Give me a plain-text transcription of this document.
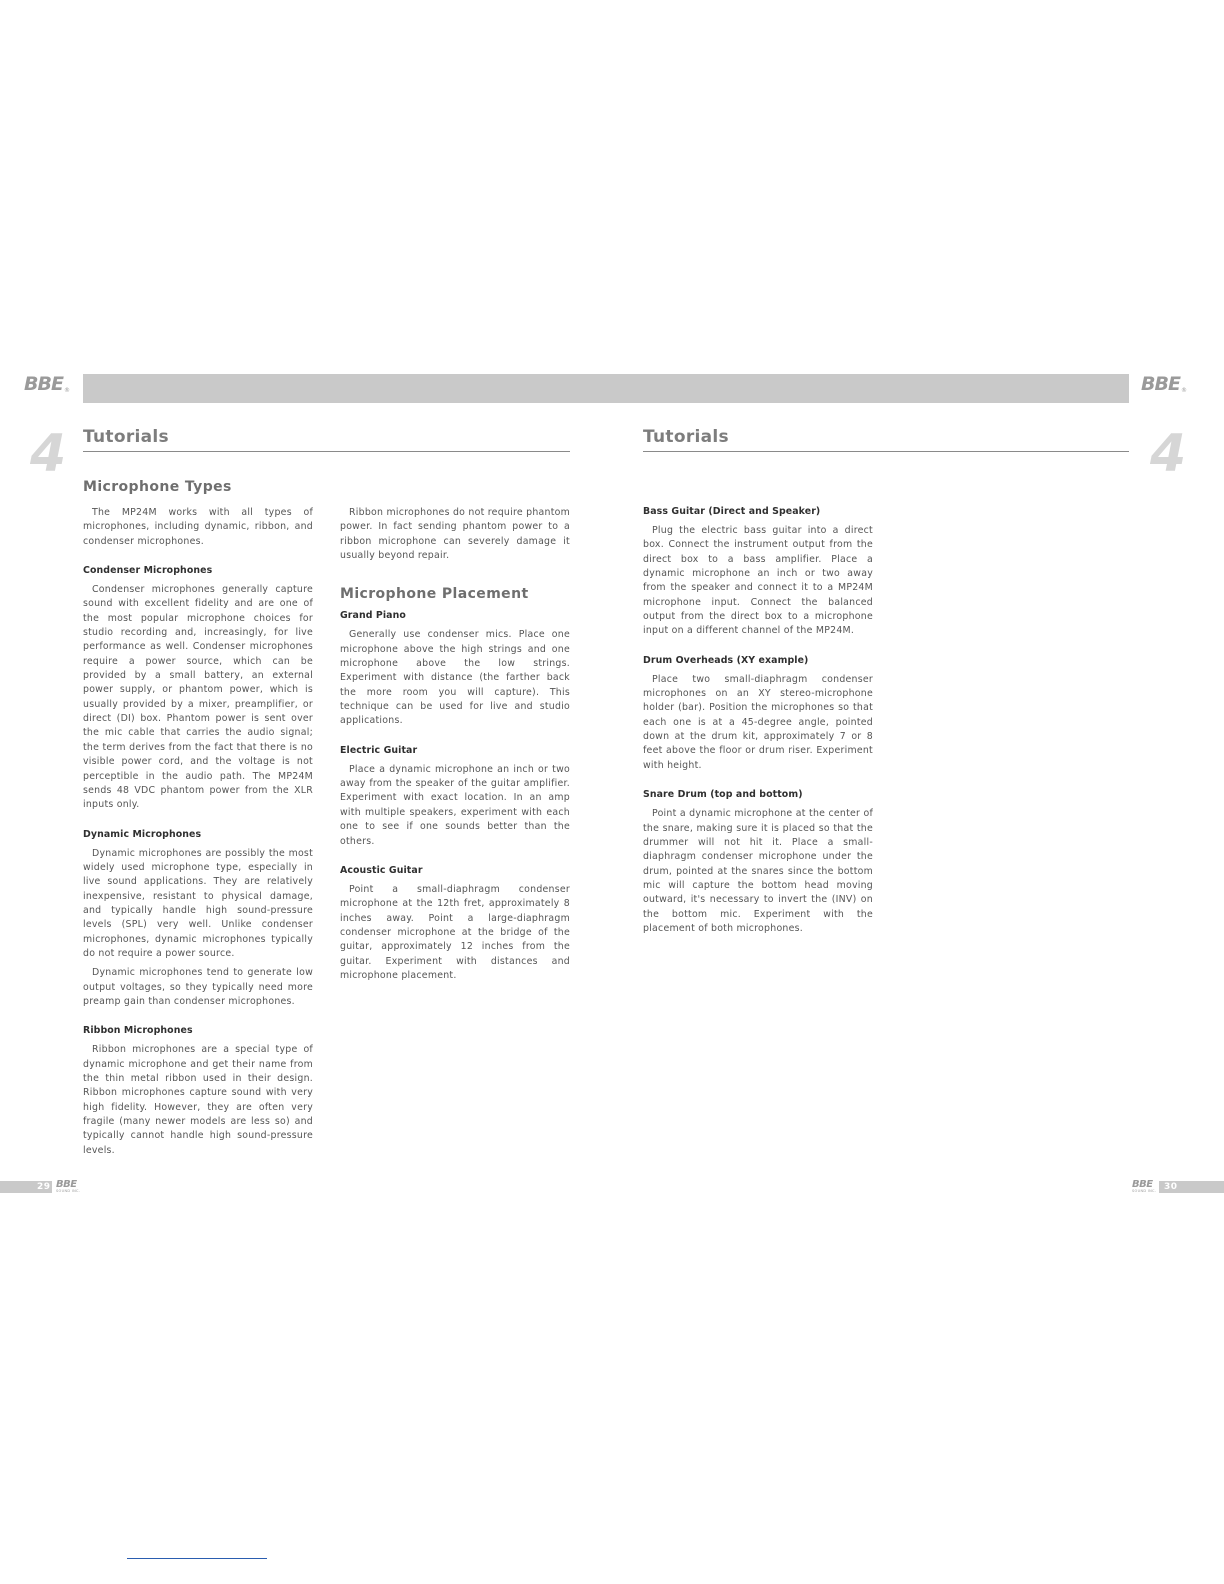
BBE®	BBE®
4	4
Tutorials	Tutorials
Microphone Types

The MP24M works with all types of microphones, including dynamic, ribbon, and condenser microphones.

Condenser Microphones

Condenser microphones generally capture sound with excellent fidelity and are one of the most popular microphone choices for studio recording and, increasingly, for live performance as well. Condenser microphones require a power source, which can be provided by a small battery, an external power supply, or phantom power, which is usually provided by a mixer, preamplifier, or direct (DI) box. Phantom power is sent over the mic cable that carries the audio signal; the term derives from the fact that there is no visible power cord, and the voltage is not perceptible in the audio path. The MP24M sends 48 VDC phantom power from the XLR inputs only.

Dynamic Microphones

Dynamic microphones are possibly the most widely used microphone type, especially in live sound applications. They are relatively inexpensive, resistant to physical damage, and typically handle high sound-pressure levels (SPL) very well. Unlike condenser microphones, dynamic microphones typically do not require a power source.

Dynamic microphones tend to generate low output voltages, so they typically need more preamp gain than condenser microphones.

Ribbon Microphones

Ribbon microphones are a special type of dynamic microphone and get their name from the thin metal ribbon used in their design. Ribbon microphones capture sound with very high fidelity. However, they are often very fragile (many newer models are less so) and typically cannot handle high sound-pressure levels.

Ribbon microphones do not require phantom power. In fact sending phantom power to a ribbon microphone can severely damage it usually beyond repair.

Microphone Placement
Grand Piano

Generally use condenser mics. Place one microphone above the high strings and one microphone above the low strings. Experiment with distance (the farther back the more room you will capture). This technique can be used for live and studio applications.

Electric Guitar

Place a dynamic microphone an inch or two away from the speaker of the guitar amplifier. Experiment with exact location. In an amp with multiple speakers, experiment with each one to see if one sounds better than the others.

Acoustic Guitar

Point a small-diaphragm condenser microphone at the 12th fret, approximately 8 inches away. Point a large-diaphragm condenser microphone at the bridge of the guitar, approximately 12 inches from the guitar. Experiment with distances and microphone placement.

Bass Guitar (Direct and Speaker)

Plug the electric bass guitar into a direct box. Connect the instrument output from the direct box to a bass amplifier. Place a dynamic microphone an inch or two away from the speaker and connect it to a MP24M microphone input. Connect the balanced output from the direct box to a microphone input on a different channel of the MP24M.

Drum Overheads (XY example)

Place two small-diaphragm condenser microphones on an XY stereo-microphone holder (bar). Position the microphones so that each one is at a 45-degree angle, pointed down at the drum kit, approximately 7 or 8 feet above the floor or drum riser. Experiment with height.

Snare Drum (top and bottom)

Point a dynamic microphone at the center of the snare, making sure it is placed so that the drummer will not hit it. Place a small-diaphragm condenser microphone under the drum, pointed at the snares since the bottom mic will capture the bottom head moving outward, it's necessary to invert the (INV) on the bottom mic. Experiment with the placement of both microphones.

29 BBE
SOUND INC.	30
BBE
SOUND INC.
